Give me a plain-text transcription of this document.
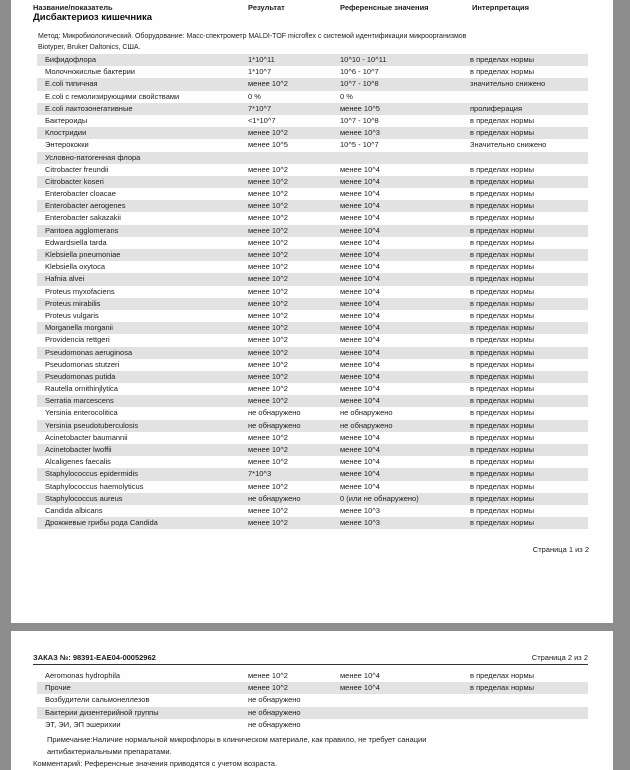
Название/показатель	Результат	Референсные значения	Интерпретация
Дисбактериоз кишечника
Метод: Микробиологический. Оборудование: Масс-спектрометр MALDI-TOF microflex с системой идентификации микроорганизмов
Biotyper, Bruker Daltonics, США.
Бифидофлора	1*10^11	10^10 - 10^11	в пределах нормы
Молочнокислые бактерии	1*10^7	10^6 - 10^7	в пределах нормы
E.coli типичная	менее 10^2	10^7 - 10^8	значительно снижено
E.coli с гемолизирующими свойствами	0 %	0 %
E.coli лактозонегативные	7*10^7	менее 10^5	пролиферация
Бактероиды	<1*10^7	10^7 - 10^8	в пределах нормы
Клостридии	менее 10^2	менее 10^3	в пределах нормы
Энтерококки	менее 10^5	10^5 - 10^7	Значительно снижено
Условно-патогенная флора
Citrobacter freundii	менее 10^2	менее 10^4	в пределах нормы
Citrobacter koseri	менее 10^2	менее 10^4	в пределах нормы
Enterobacter cloacae	менее 10^2	менее 10^4	в пределах нормы
Enterobacter aerogenes	менее 10^2	менее 10^4	в пределах нормы
Enterobacter sakazakii	менее 10^2	менее 10^4	в пределах нормы
Pantoea agglomerans	менее 10^2	менее 10^4	в пределах нормы
Edwardsiella tarda	менее 10^2	менее 10^4	в пределах нормы
Klebsiella pneumoniae	менее 10^2	менее 10^4	в пределах нормы
Klebsiella oxytoca	менее 10^2	менее 10^4	в пределах нормы
Hafnia alvei	менее 10^2	менее 10^4	в пределах нормы
Proteus myxofaciens	менее 10^2	менее 10^4	в пределах нормы
Proteus mirabilis	менее 10^2	менее 10^4	в пределах нормы
Proteus vulgaris	менее 10^2	менее 10^4	в пределах нормы
Morganella morganii	менее 10^2	менее 10^4	в пределах нормы
Providencia rettgeri	менее 10^2	менее 10^4	в пределах нормы
Pseudomonas aeruginosa	менее 10^2	менее 10^4	в пределах нормы
Pseudomonas stutzeri	менее 10^2	менее 10^4	в пределах нормы
Pseudomonas putida	менее 10^2	менее 10^4	в пределах нормы
Rautella ornithinjlytica	менее 10^2	менее 10^4	в пределах нормы
Serratia marcescens	менее 10^2	менее 10^4	в пределах нормы
Yersinia enterocolitica	не обнаружено	не обнаружено	в пределах нормы
Yersinia pseudotuberculosis	не обнаружено	не обнаружено	в пределах нормы
Acinetobacter baumannii	менее 10^2	менее 10^4	в пределах нормы
Acinetobacter lwoffii	менее 10^2	менее 10^4	в пределах нормы
Alcaligenes faecalis	менее 10^2	менее 10^4	в пределах нормы
Staphylococcus epidermidis	7*10^3	менее 10^4	в пределах нормы
Staphylococcus haemolyticus	менее 10^2	менее 10^4	в пределах нормы
Staphylococcus aureus	не обнаружено	0 (или не обнаружено)	в пределах нормы
Candida albicans	менее 10^2	менее 10^3	в пределах нормы
Дрожжевые грибы рода Candida	менее 10^2	менее 10^3	в пределах нормы
Страница 1 из 2
ЗАКАЗ №: 98391-EAE04-00052962	Страница 2 из 2
Aeromonas hydrophila	менее 10^2	менее 10^4	в пределах нормы
Прочие	менее 10^2	менее 10^4	в пределах нормы
Возбудители сальмонеллезов	не обнаружено
Бактерии дизентерийной группы	не обнаружено
ЭТ, ЭИ, ЭП эшерихии	не обнаружено
Примечание:Наличие нормальной микрофлоры в клиническом материале, как правило, не требует санации
антибактериальными препаратами.
Комментарий: Референсные значения приводятся с учетом возраста.
